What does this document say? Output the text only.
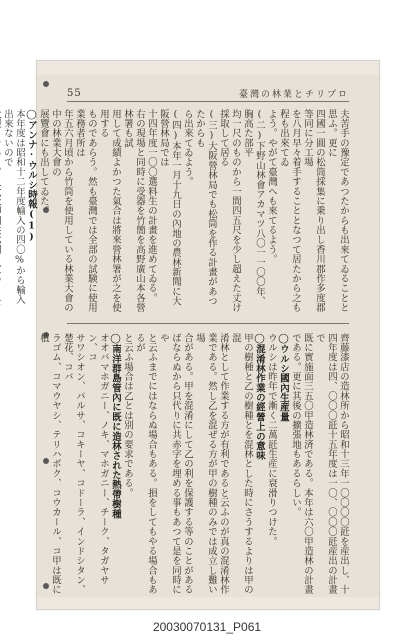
55	臺灣の林業とチリプロ

夫苦手の豫定であつたからも出來てゐることと思ふ。更に

四國一圓の松筒採集に乗り出し香川郡作多度郡等同に分工場

を八月早々着手することとなつて居たから之も程も出來てゐ

よう。やがて臺灣へも來てるよう。

(二)下野山林會アカマツ八〇一一〇〇年、胸高た部平

均一尺のものから一間四五尺を少し超えた丈け採取して居る

(三)大阪營林局でも松筒を作る計畫があつたからも

ら出來てゐよう。

(四)本年一月十九日の內地の農林新聞に大阪營林局では

十四年度一〇〇選料生の計畫を進めてゐる。

右の現場と同時に受器を竹簡を高野廣山本各營林署も試

用して成績よかつた氣合は將來營林署が之を使用する

ものであらう。然も臺灣では全部の試験に使用業務者所は

年五六月頃から竹筒を使用している林業大會の中の林業大會の

展覽會にも出してゐた。

◯アンナ·ウルシ時報(1)

本年度は昭和十二年度輸入の四〇%から輸入出來ないので

齊藤漆店の造林所から昭和十三年一〇〇〇〇瓩を産出し、十

四年度は四、〇〇〇瓩十五年度は一〇、〇〇〇瓩産出の計畫で

既に實施面三五〇甲造林済である。本年は六〇甲造林の計畫

である。更に其後の擴張地もあるらしい。

◯ウルシ國內生産量

ウルシは昨年で漸く二萬瓩生産に衰滑りつけた。

◯混淆林作業の經營上の意味

甲の樹種と乙の樹種とを混林とした時にさうするよりは甲の混

淆林として作業する方が有利であると云ふのが真の混淆林作

業である。然し乙を混ぜる方が甲の樹種のみでは成立し難い場

合がある。甲を混淆にして乙の利を保護する等のことがある

ばならぬから只代りに共赤字を埋める事もあつて是を同時にや

と云ふまでにはならぬ場合もある。損をしてもやる場合もあるが

と云ふ場合は乙とは別の要求である。

◯南洋群島管內に既に造林された熱帶樹種

オオバマホガニー、ノキ、マホガニー、チーク、タガヤサン、コ

サワシオン、パルサ、コキーヤ、コドーラ、インドシタン、楚花、コバ

ラゴム、コマウヤシ、テリハボク、コウカール、コ甲は既に植

20030070131_P061
